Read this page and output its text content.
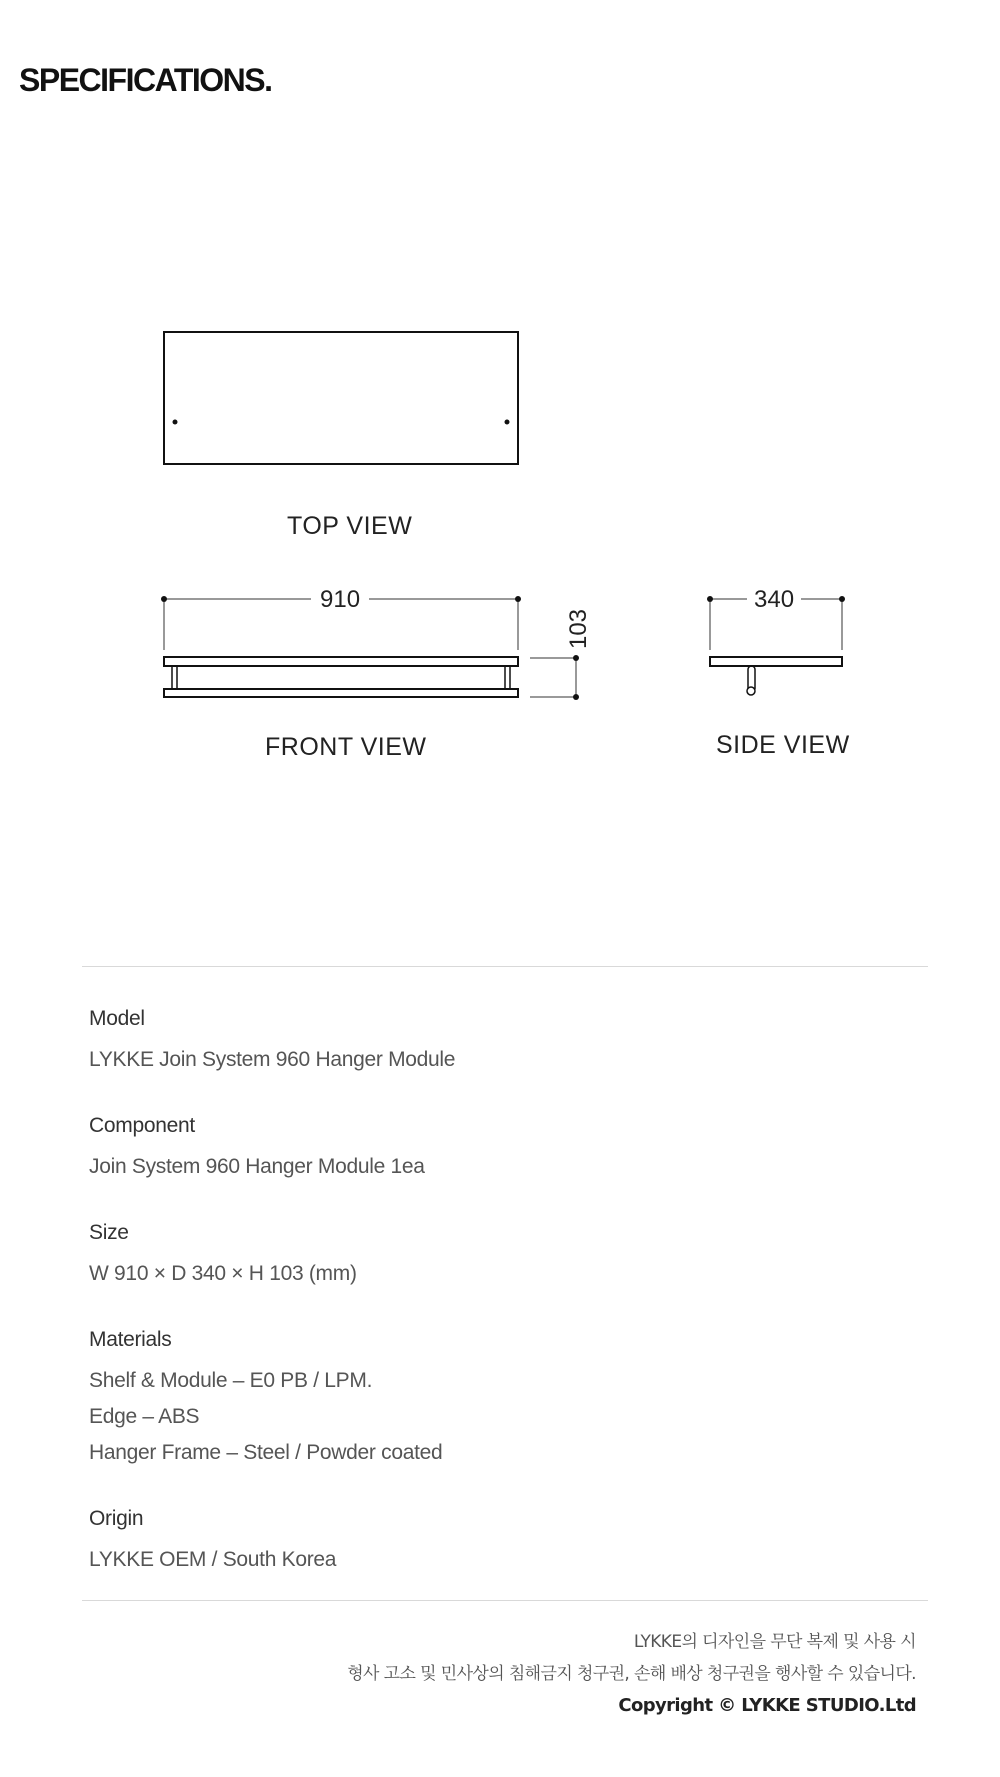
SPECIFICATIONS.
TOP VIEW
FRONT VIEW	SIDE VIEW
910
103
340
Model
LYKKE Join System 960 Hanger Module
Component
Join System 960 Hanger Module 1ea
Size
W 910 × D 340 × H 103 (mm)
Materials
Shelf & Module – E0 PB / LPM.
Edge – ABS
Hanger Frame – Steel / Powder coated
Origin
LYKKE OEM / South Korea
LYKKE의 디자인을 무단 복제 및 사용 시
형사 고소 및 민사상의 침해금지 청구권, 손해 배상 청구권을 행사할 수 있습니다.
Copyright © LYKKE STUDIO.Ltd
